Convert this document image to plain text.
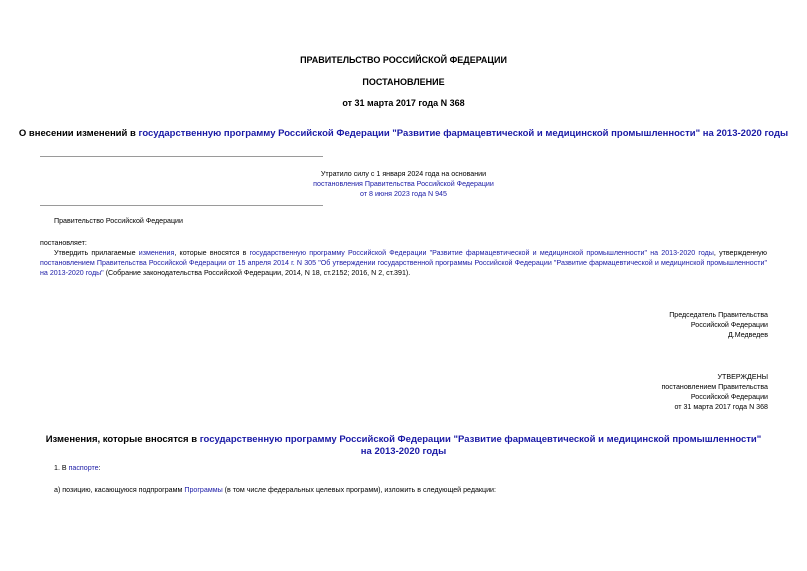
ПРАВИТЕЛЬСТВО РОССИЙСКОЙ ФЕДЕРАЦИИ
ПОСТАНОВЛЕНИЕ
от 31 марта 2017 года N 368
О внесении изменений в государственную программу Российской Федерации "Развитие фармацевтической и медицинской промышленности" на 2013-2020 годы
Утратило силу с 1 января 2024 года на основании
постановления Правительства Российской Федерации
от 8 июня 2023 года N 945
Правительство Российской Федерации
постановляет:
Утвердить прилагаемые изменения, которые вносятся в государственную программу Российской Федерации "Развитие фармацевтической и медицинской промышленности" на 2013-2020 годы, утвержденную постановлением Правительства Российской Федерации от 15 апреля 2014 г. N 305 "Об утверждении государственной программы Российской Федерации "Развитие фармацевтической и медицинской промышленности" на 2013-2020 годы" (Собрание законодательства Российской Федерации, 2014, N 18, ст.2152; 2016, N 2, ст.391).
Председатель Правительства
Российской Федерации
Д.Медведев
УТВЕРЖДЕНЫ
постановлением Правительства
Российской Федерации
от 31 марта 2017 года N 368
Изменения, которые вносятся в государственную программу Российской Федерации "Развитие фармацевтической и медицинской промышленности" на 2013-2020 годы
1. В паспорте:
а) позицию, касающуюся подпрограмм Программы (в том числе федеральных целевых программ), изложить в следующей редакции:
